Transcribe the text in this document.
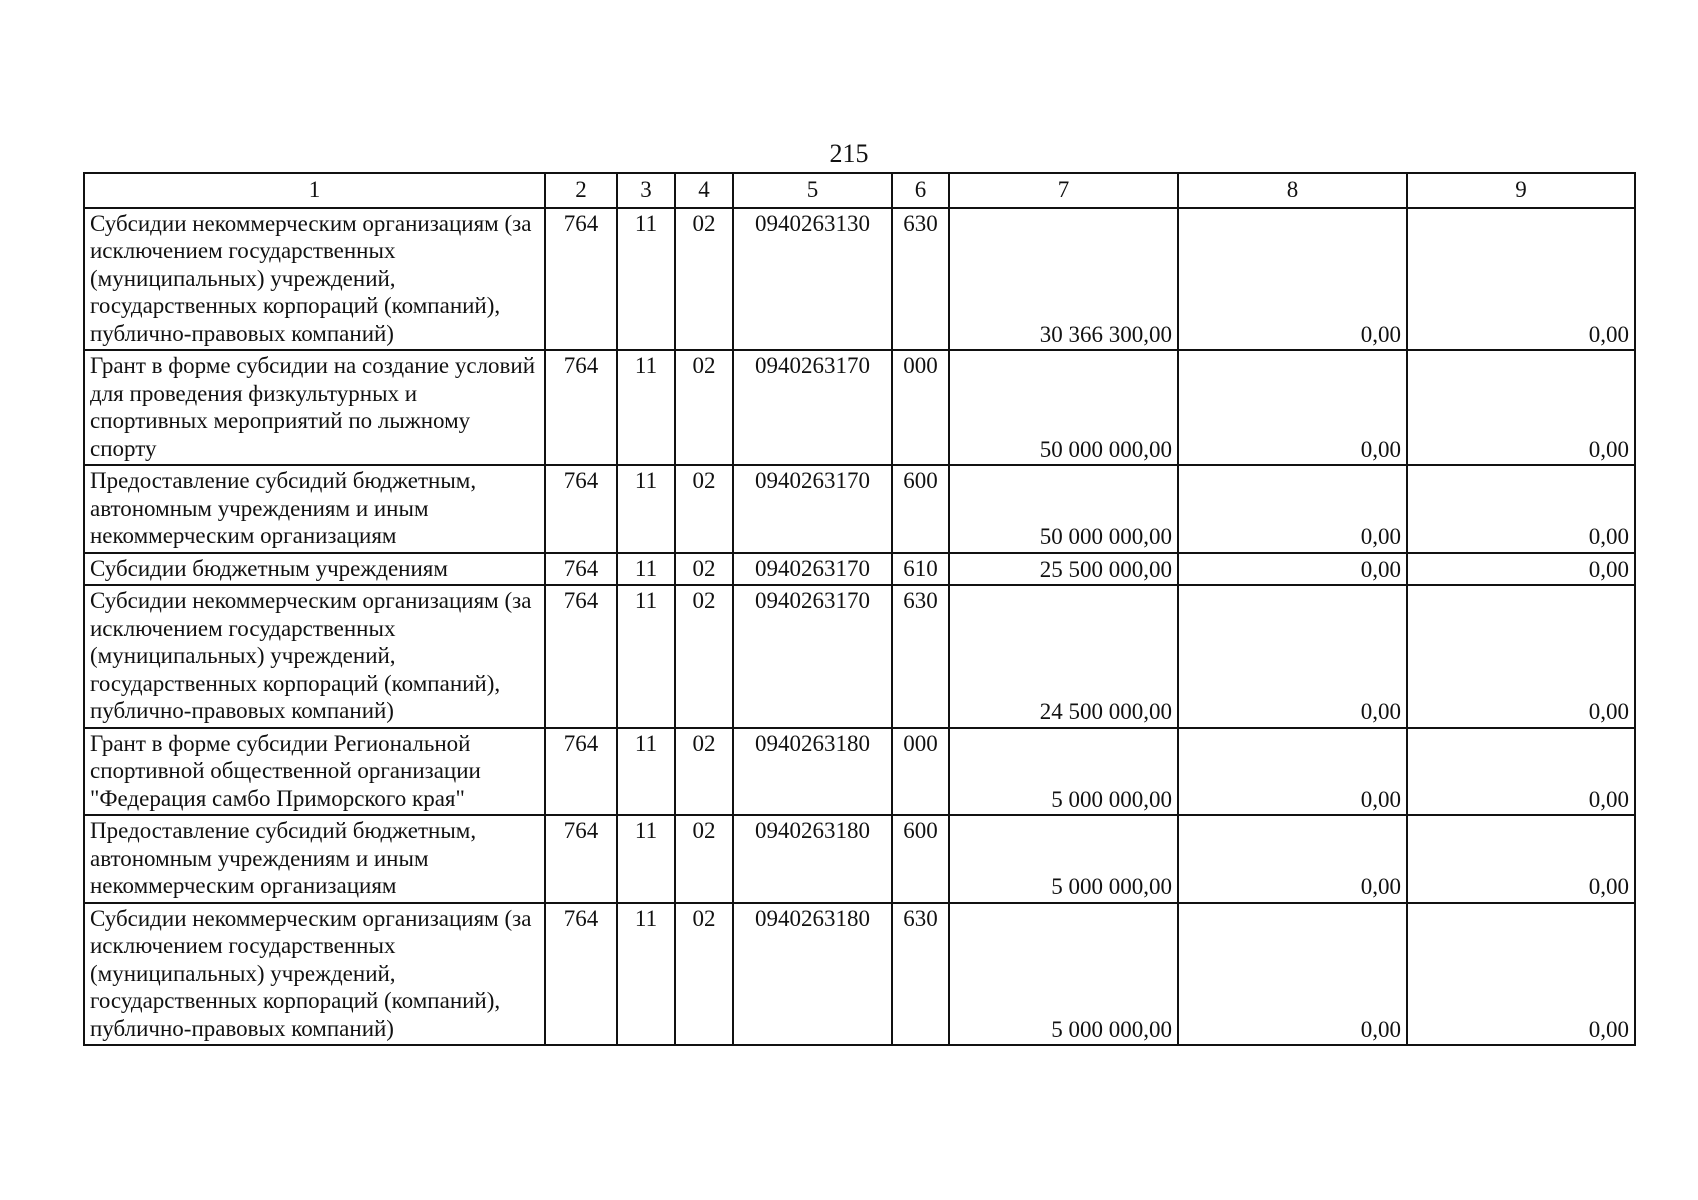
215
1	2	3	4	5	6	7	8	9
Субсидии некоммерческим организациям (за исключением государственных (муниципальных) учреждений, государственных корпораций (компаний), публично-правовых компаний)	764	11	02	0940263130	630	30 366 300,00	0,00	0,00
Грант в форме субсидии на создание условий для проведения физкультурных и спортивных мероприятий по лыжному спорту	764	11	02	0940263170	000	50 000 000,00	0,00	0,00
Предоставление субсидий бюджетным, автономным учреждениям и иным некоммерческим организациям	764	11	02	0940263170	600	50 000 000,00	0,00	0,00
Субсидии бюджетным учреждениям	764	11	02	0940263170	610	25 500 000,00	0,00	0,00
Субсидии некоммерческим организациям (за исключением государственных (муниципальных) учреждений, государственных корпораций (компаний), публично-правовых компаний)	764	11	02	0940263170	630	24 500 000,00	0,00	0,00
Грант в форме субсидии Региональной спортивной общественной организации "Федерация самбо Приморского края"	764	11	02	0940263180	000	5 000 000,00	0,00	0,00
Предоставление субсидий бюджетным, автономным учреждениям и иным некоммерческим организациям	764	11	02	0940263180	600	5 000 000,00	0,00	0,00
Субсидии некоммерческим организациям (за исключением государственных (муниципальных) учреждений, государственных корпораций (компаний), публично-правовых компаний)	764	11	02	0940263180	630	5 000 000,00	0,00	0,00
